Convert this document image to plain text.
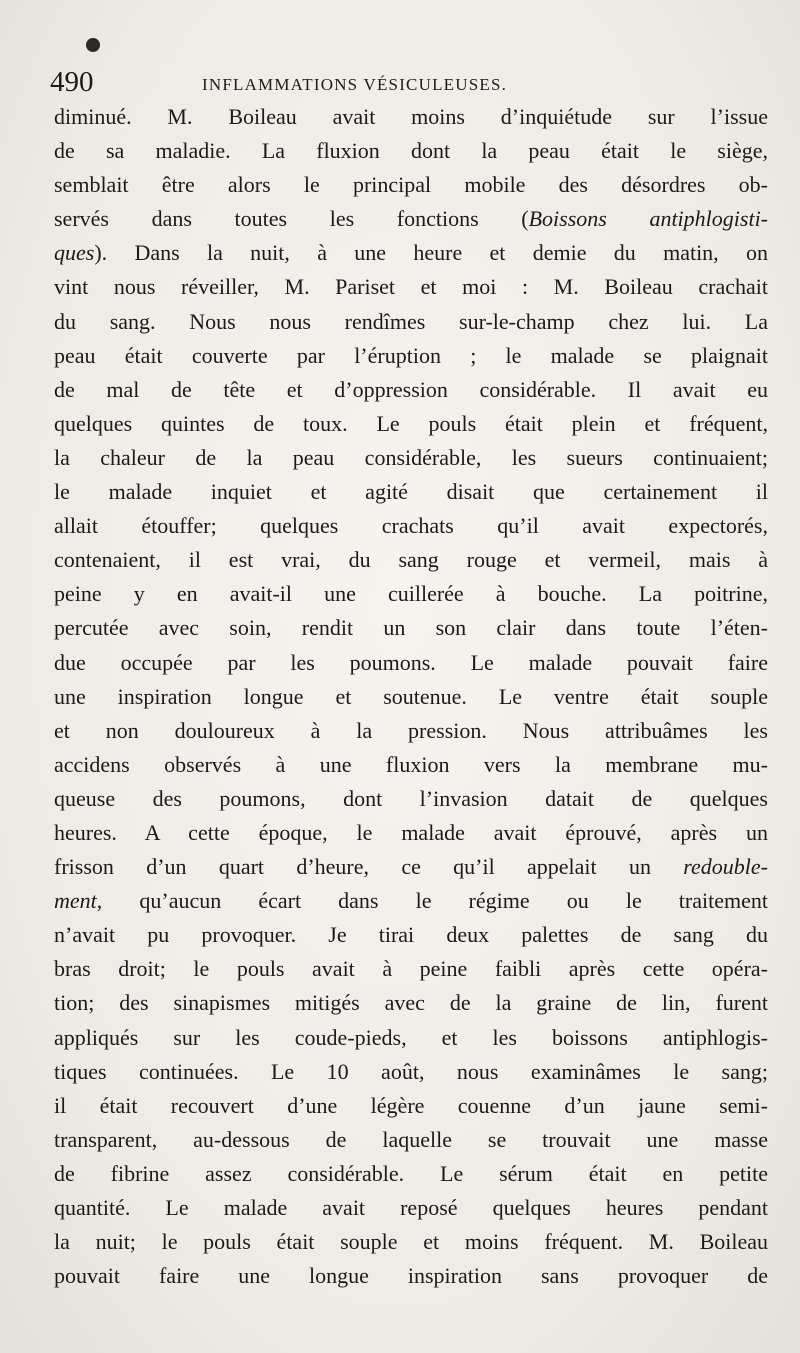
490	INFLAMMATIONS VÉSICULEUSES.
diminué. M. Boileau avait moins d’inquiétude sur l’issue
de sa maladie. La fluxion dont la peau était le siège,
semblait être alors le principal mobile des désordres ob-
servés dans toutes les fonctions (Boissons antiphlogisti-
ques). Dans la nuit, à une heure et demie du matin, on
vint nous réveiller, M. Pariset et moi : M. Boileau crachait
du sang. Nous nous rendîmes sur-le-champ chez lui. La
peau était couverte par l’éruption ; le malade se plaignait
de mal de tête et d’oppression considérable. Il avait eu
quelques quintes de toux. Le pouls était plein et fréquent,
la chaleur de la peau considérable, les sueurs continuaient;
le malade inquiet et agité disait que certainement il
allait étouffer; quelques crachats qu’il avait expectorés,
contenaient, il est vrai, du sang rouge et vermeil, mais à
peine y en avait-il une cuillerée à bouche. La poitrine,
percutée avec soin, rendit un son clair dans toute l’éten-
due occupée par les poumons. Le malade pouvait faire
une inspiration longue et soutenue. Le ventre était souple
et non douloureux à la pression. Nous attribuâmes les
accidens observés à une fluxion vers la membrane mu-
queuse des poumons, dont l’invasion datait de quelques
heures. A cette époque, le malade avait éprouvé, après un
frisson d’un quart d’heure, ce qu’il appelait un redouble-
ment, qu’aucun écart dans le régime ou le traitement
n’avait pu provoquer. Je tirai deux palettes de sang du
bras droit; le pouls avait à peine faibli après cette opéra-
tion; des sinapismes mitigés avec de la graine de lin, furent
appliqués sur les coude-pieds, et les boissons antiphlogis-
tiques continuées. Le 10 août, nous examinâmes le sang;
il était recouvert d’une légère couenne d’un jaune semi-
transparent, au-dessous de laquelle se trouvait une masse
de fibrine assez considérable. Le sérum était en petite
quantité. Le malade avait reposé quelques heures pendant
la nuit; le pouls était souple et moins fréquent. M. Boileau
pouvait faire une longue inspiration sans provoquer de
